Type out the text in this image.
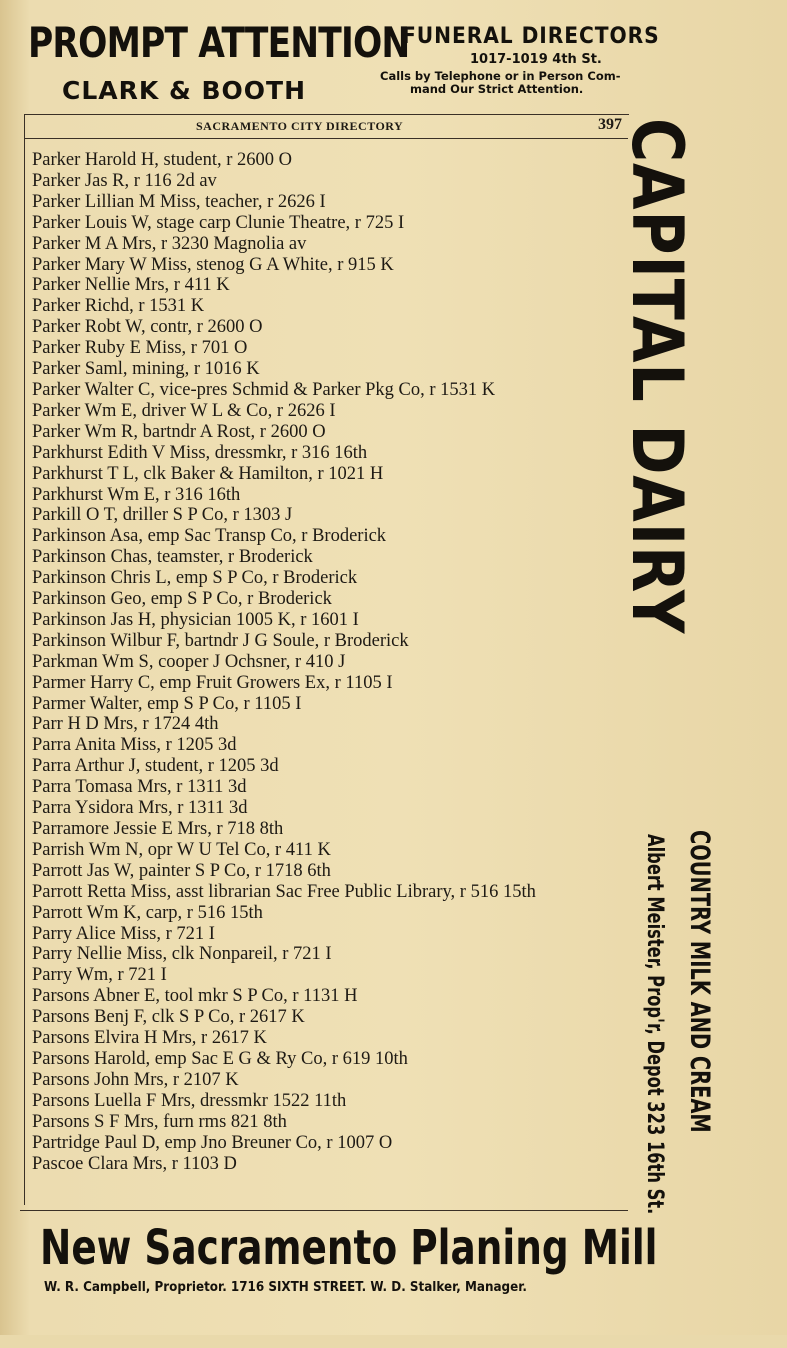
PROMPT ATTENTION
CLARK & BOOTH
FUNERAL DIRECTORS
1017-1019 4th St.
Calls by Telephone or in Person Com-
mand Our Strict Attention.
SACRAMENTO CITY DIRECTORY	397
Parker Harold H, student, r 2600 O
Parker Jas R, r 116 2d av
Parker Lillian M Miss, teacher, r 2626 I
Parker Louis W, stage carp Clunie Theatre, r 725 I
Parker M A Mrs, r 3230 Magnolia av
Parker Mary W Miss, stenog G A White, r 915 K
Parker Nellie Mrs, r 411 K
Parker Richd, r 1531 K
Parker Robt W, contr, r 2600 O
Parker Ruby E Miss, r 701 O
Parker Saml, mining, r 1016 K
Parker Walter C, vice-pres Schmid & Parker Pkg Co, r 1531 K
Parker Wm E, driver W L & Co, r 2626 I
Parker Wm R, bartndr A Rost, r 2600 O
Parkhurst Edith V Miss, dressmkr, r 316 16th
Parkhurst T L, clk Baker & Hamilton, r 1021 H
Parkhurst Wm E, r 316 16th
Parkill O T, driller S P Co, r 1303 J
Parkinson Asa, emp Sac Transp Co, r Broderick
Parkinson Chas, teamster, r Broderick
Parkinson Chris L, emp S P Co, r Broderick
Parkinson Geo, emp S P Co, r Broderick
Parkinson Jas H, physician 1005 K, r 1601 I
Parkinson Wilbur F, bartndr J G Soule, r Broderick
Parkman Wm S, cooper J Ochsner, r 410 J
Parmer Harry C, emp Fruit Growers Ex, r 1105 I
Parmer Walter, emp S P Co, r 1105 I
Parr H D Mrs, r 1724 4th
Parra Anita Miss, r 1205 3d
Parra Arthur J, student, r 1205 3d
Parra Tomasa Mrs, r 1311 3d
Parra Ysidora Mrs, r 1311 3d
Parramore Jessie E Mrs, r 718 8th
Parrish Wm N, opr W U Tel Co, r 411 K
Parrott Jas W, painter S P Co, r 1718 6th
Parrott Retta Miss, asst librarian Sac Free Public Library, r 516 15th
Parrott Wm K, carp, r 516 15th
Parry Alice Miss, r 721 I
Parry Nellie Miss, clk Nonpareil, r 721 I
Parry Wm, r 721 I
Parsons Abner E, tool mkr S P Co, r 1131 H
Parsons Benj F, clk S P Co, r 2617 K
Parsons Elvira H Mrs, r 2617 K
Parsons Harold, emp Sac E G & Ry Co, r 619 10th
Parsons John Mrs, r 2107 K
Parsons Luella F Mrs, dressmkr 1522 11th
Parsons S F Mrs, furn rms 821 8th
Partridge Paul D, emp Jno Breuner Co, r 1007 O
Pascoe Clara Mrs, r 1103 D
CAPITAL DAIRY
COUNTRY MILK AND CREAM
Albert Meister, Prop'r, Depot 323 16th St.
New Sacramento Planing Mill
W. R. Campbell, Proprietor. 1716 SIXTH STREET. W. D. Stalker, Manager.
